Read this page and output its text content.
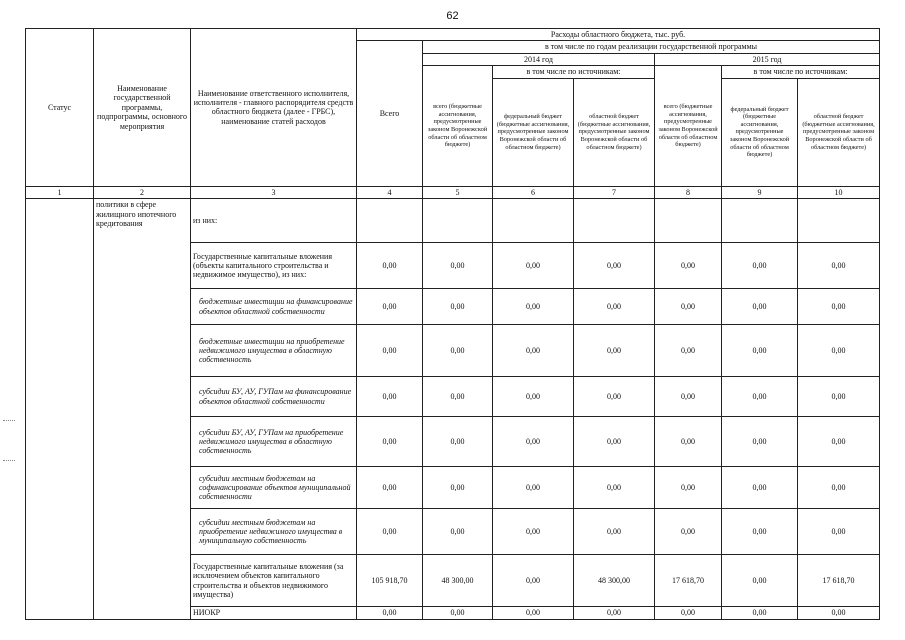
62
Статус	Наименование государственной программы, подпрограммы, основного мероприятия	Наименование ответственного исполнителя, исполнителя - главного распорядителя средств областного бюджета (далее - ГРБС), наименование статей расходов	Расходы областного бюджета, тыс. руб.						
			Всего	в том числе по годам реализации государственной программы					
				2014 год			2015 год		
				всего (бюджетные ассигнования, предусмотренные законом Воронежской области об областном бюджете)	в том числе по источникам:		всего (бюджетные ассигнования, предусмотренные законом Воронежской области об областном бюджете)	в том числе по источникам:	
					федеральный бюджет (бюджетные ассигнования, предусмотренные законом Воронежской области об областном бюджете)	областной бюджет (бюджетные ассигнования, предусмотренные законом Воронежской области об областном бюджете)		федеральный бюджет (бюджетные ассигнования, предусмотренные законом Воронежской области об областном бюджете)	областной бюджет (бюджетные ассигнования, предусмотренные законом Воронежской области об областном бюджете)
1	2	3	4	5	6	7	8	9	10
	политики в сфере жилищного ипотечного кредитования	из них:							
		Государственные капитальные вложения (объекты капитального строительства и недвижимое имущество), из них:	0,00	0,00	0,00	0,00	0,00	0,00	0,00
		бюджетные инвестиции на финансирование объектов областной собственности	0,00	0,00	0,00	0,00	0,00	0,00	0,00
		бюджетные инвестиции на приобретение недвижимого имущества в областную собственность	0,00	0,00	0,00	0,00	0,00	0,00	0,00
		субсидии БУ, АУ, ГУПам на финансирование объектов областной собственности	0,00	0,00	0,00	0,00	0,00	0,00	0,00
		субсидии БУ, АУ, ГУПам на приобретение недвижимого имущества в областную собственность	0,00	0,00	0,00	0,00	0,00	0,00	0,00
		субсидии местным бюджетам на софинансирование объектов муниципальной собственности	0,00	0,00	0,00	0,00	0,00	0,00	0,00
		субсидии местным бюджетам на приобретение недвижимого имущества в муниципальную собственность	0,00	0,00	0,00	0,00	0,00	0,00	0,00
		Государственные капитальные вложения (за исключением объектов капитального строительства и объектов недвижимого имущества)	105 918,70	48 300,00	0,00	48 300,00	17 618,70	0,00	17 618,70
		НИОКР	0,00	0,00	0,00	0,00	0,00	0,00	0,00
